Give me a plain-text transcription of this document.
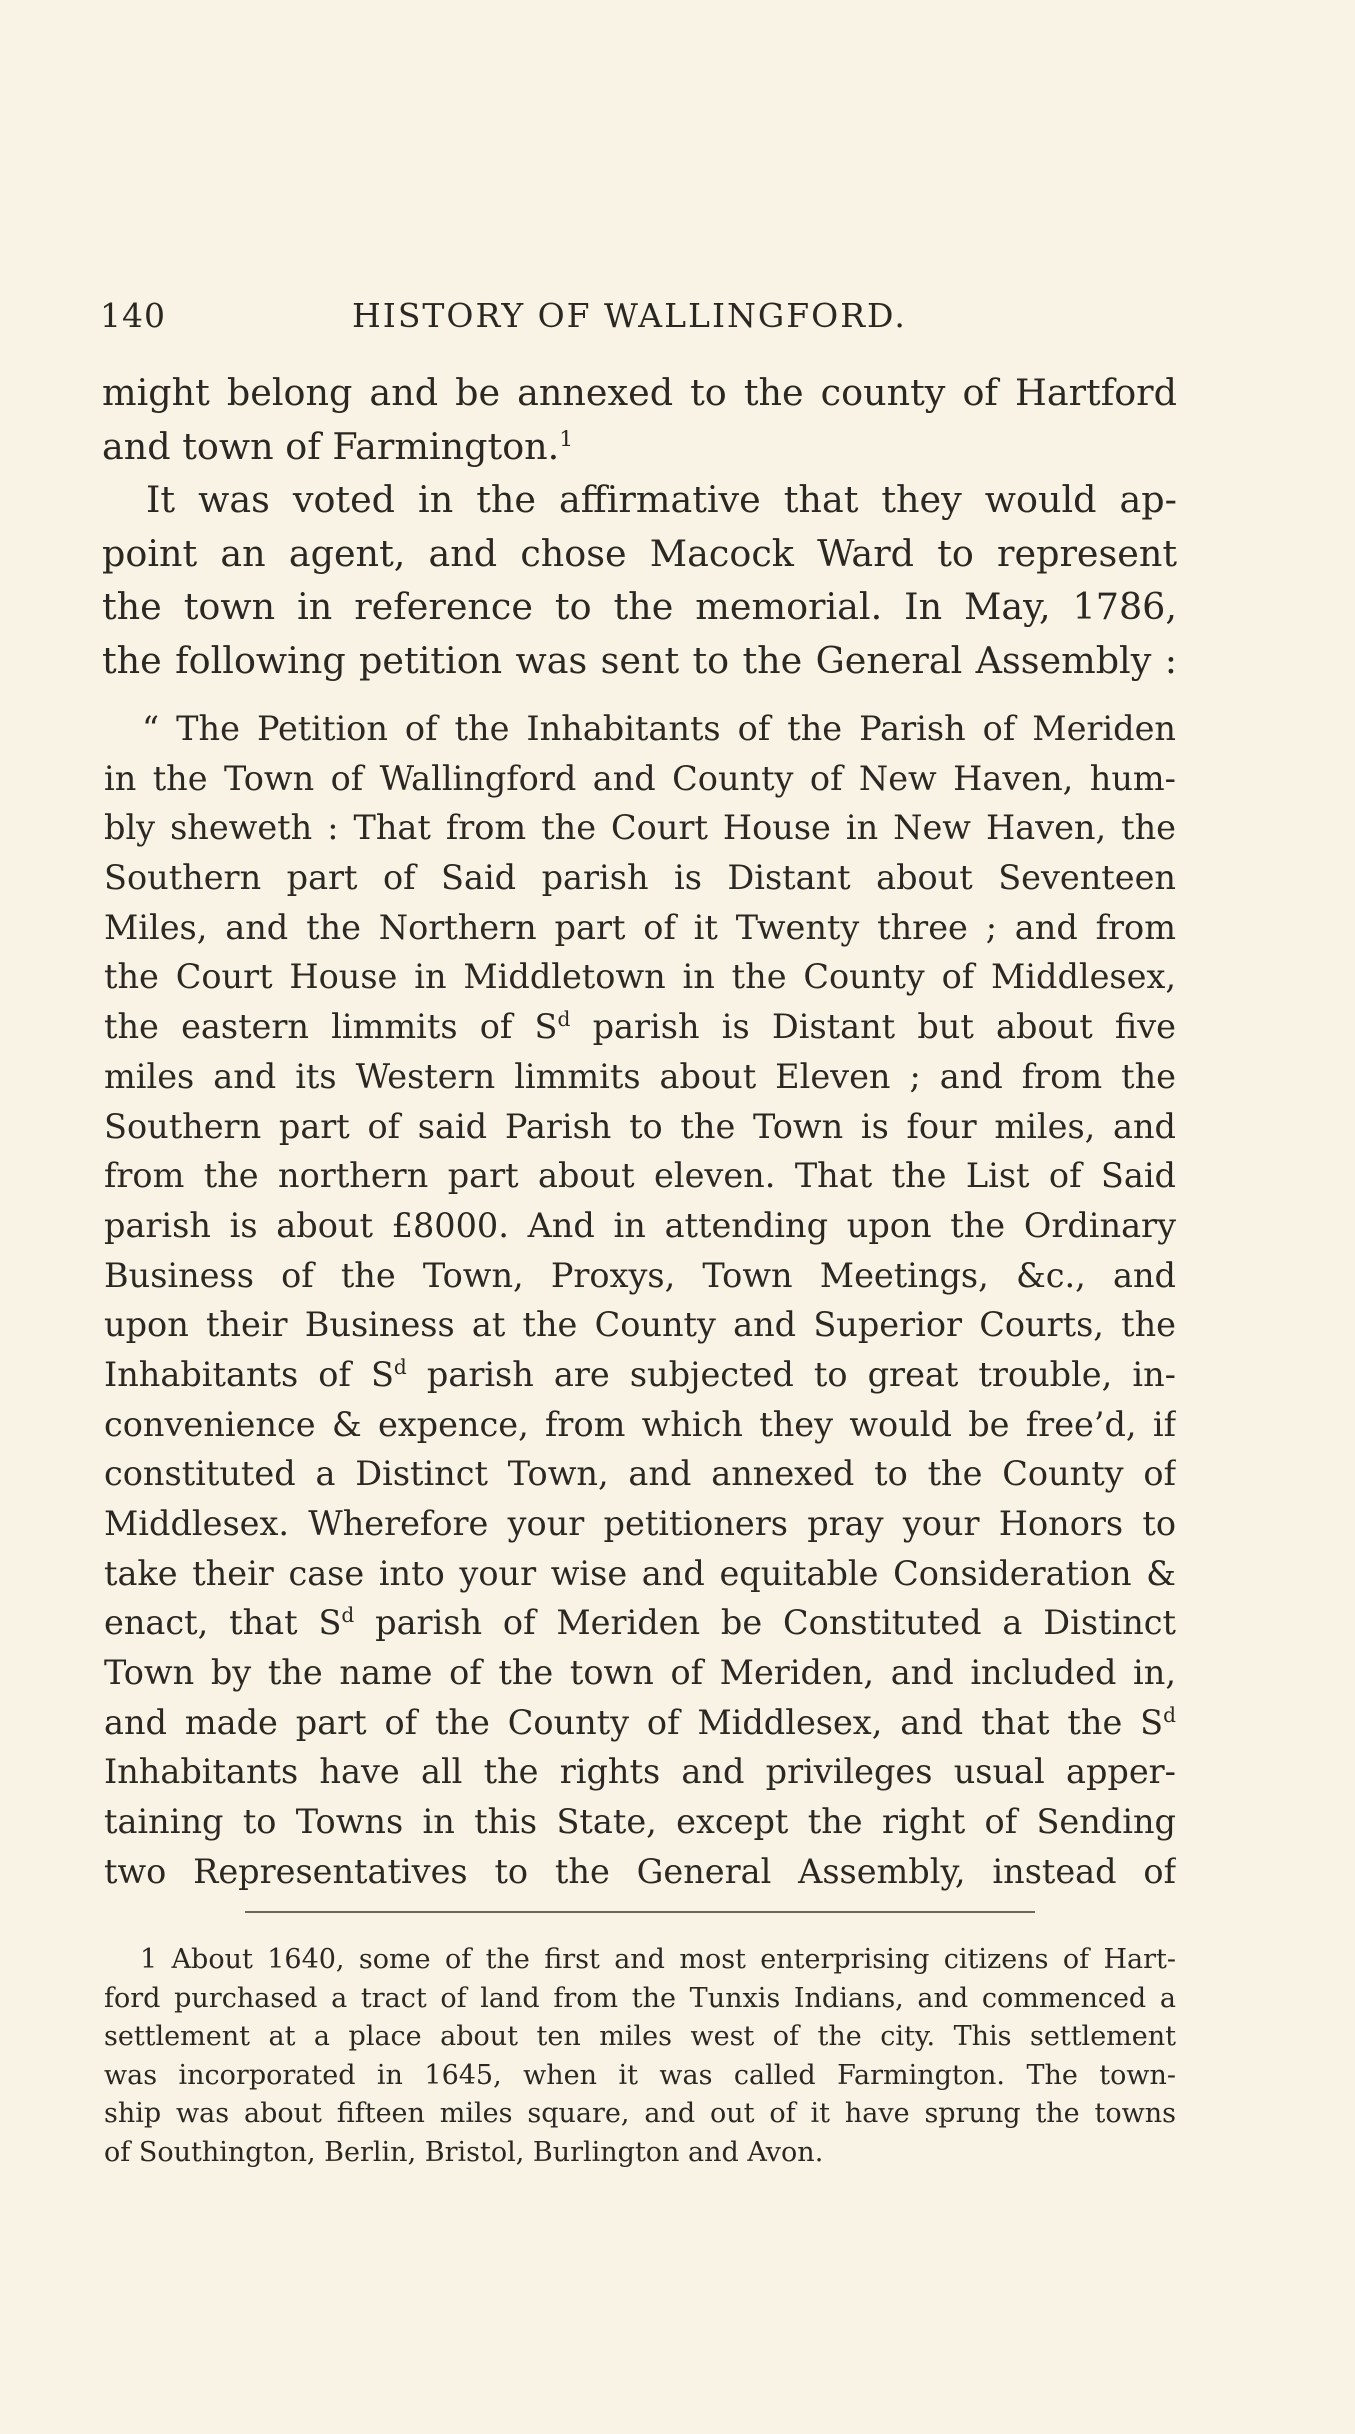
140	HISTORY OF WALLINGFORD.
might belong and be annexed to the county of Hartford
and town of Farmington.$^1$
It was voted in the affirmative that they would ap-
point an agent, and chose Macock Ward to represent
the town in reference to the memorial. In May, 1786,
the following petition was sent to the General Assembly :
“ The Petition of the Inhabitants of the Parish of Meriden
in the Town of Wallingford and County of New Haven, hum-
bly sheweth : That from the Court House in New Haven, the
Southern part of Said parish is Distant about Seventeen
Miles, and the Northern part of it Twenty three ; and from
the Court House in Middletown in the County of Middlesex,
the eastern limmits of $S^d$ parish is Distant but about five
miles and its Western limmits about Eleven ; and from the
Southern part of said Parish to the Town is four miles, and
from the northern part about eleven. That the List of Said
parish is about £8000. And in attending upon the Ordinary
Business of the Town, Proxys, Town Meetings, &c., and
upon their Business at the County and Superior Courts, the
Inhabitants of $S^d$ parish are subjected to great trouble, in-
convenience & expence, from which they would be free’d, if
constituted a Distinct Town, and annexed to the County of
Middlesex. Wherefore your petitioners pray your Honors to
take their case into your wise and equitable Consideration &
enact, that $S^d$ parish of Meriden be Constituted a Distinct
Town by the name of the town of Meriden, and included in,
and made part of the County of Middlesex, and that the $S^d$
Inhabitants have all the rights and privileges usual apper-
taining to Towns in this State, except the right of Sending
two Representatives to the General Assembly, instead of
1 About 1640, some of the first and most enterprising citizens of Hart-
ford purchased a tract of land from the Tunxis Indians, and commenced a
settlement at a place about ten miles west of the city. This settlement
was incorporated in 1645, when it was called Farmington. The town-
ship was about fifteen miles square, and out of it have sprung the towns
of Southington, Berlin, Bristol, Burlington and Avon.
